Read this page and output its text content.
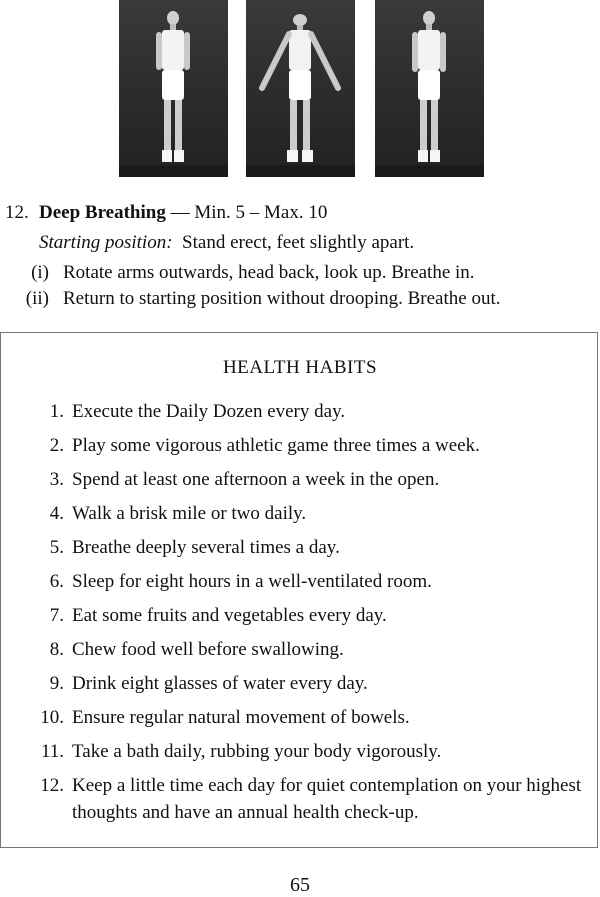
12. Deep Breathing — Min. 5 – Max. 10
Starting position: Stand erect, feet slightly apart.
(i) Rotate arms outwards, head back, look up. Breathe in.
(ii) Return to starting position without drooping. Breathe out.
HEALTH HABITS
1. Execute the Daily Dozen every day.
2. Play some vigorous athletic game three times a week.
3. Spend at least one afternoon a week in the open.
4. Walk a brisk mile or two daily.
5. Breathe deeply several times a day.
6. Sleep for eight hours in a well-ventilated room.
7. Eat some fruits and vegetables every day.
8. Chew food well before swallowing.
9. Drink eight glasses of water every day.
10. Ensure regular natural movement of bowels.
11. Take a bath daily, rubbing your body vigorously.
12. Keep a little time each day for quiet contemplation on your highest thoughts and have an annual health check-up.
65
